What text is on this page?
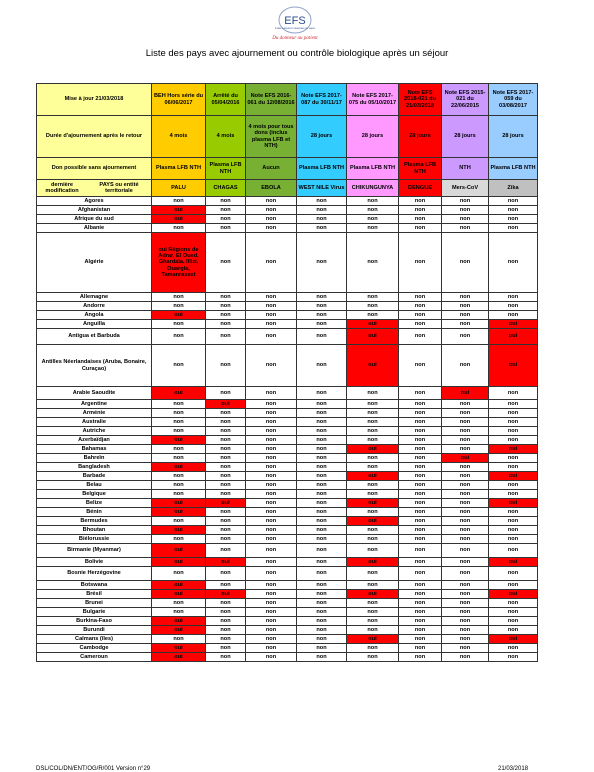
EFS
ÉTABLISSEMENT FRANÇAIS DU SANG
Du donneur au patient
Liste des pays avec ajournement ou contrôle biologique après un séjour
Mise à jour 21/03/2018	BEH Hors série du 06/06/2017	Arrêté du 05/04/2016	Note EFS 2016-061 du 12/08/2016	Note EFS 2017-087 du 30/11/17	Note EFS 2017-075 du 05/10/2017	Note EFS 2018-021 du 21/03/2018	Note EFS 2015-021 du 22/06/2015	Note EFS 2017-059 du 03/08/2017
Durée d'ajournement après le retour	4 mois	4 mois	4 mois pour tous dons (inclus plasma LFB et NTH)	28 jours	28 jours	28 jours	28 jours	28 jours
Don possible sans ajournement	Plasma LFB NTH	Plasma LFB NTH	Aucun	Plasma LFB NTH	Plasma LFB NTH	Plasma LFB NTH	NTH	Plasma LFB NTH

dernière modification
PAYS ou entité territoriale	PALU	CHAGAS	EBOLA	WEST NILE Virus	CHIKUNGUNYA	DENGUE	Mers-CoV	Zika
Agores	non	non	non	non	non	non	non	non
Afghanistan	oui	non	non	non	non	non	non	non
Afrique du sud	oui	non	non	non	non	non	non	non
Albanie	non	non	non	non	non	non	non	non
Algérie	oui Régions de Adrar, El Oued, Ghardaïa, Illizi, Ouargla, Tamanrasset	non	non	non	non	non	non	non
Allemagne	non	non	non	non	non	non	non	non
Andorre	non	non	non	non	non	non	non	non
Angola	oui	non	non	non	non	non	non	non
Anguilla	non	non	non	non	oui	non	non	oui
Antigua et Barbuda	non	non	non	non	oui	non	non	oui
Antilles Néerlandaises (Aruba, Bonaire, Curaçao)	non	non	non	non	oui	non	non	oui
Arabie Saoudite	oui	non	non	non	non	non	oui	non
Argentine	non	oui	non	non	non	non	non	non
Arménie	non	non	non	non	non	non	non	non
Australie	non	non	non	non	non	non	non	non
Autriche	non	non	non	non	non	non	non	non
Azerbaïdjan	oui	non	non	non	non	non	non	non
Bahamas	non	non	non	non	oui	non	non	oui
Bahreïn	non	non	non	non	non	non	oui	non
Bangladesh	oui	non	non	non	non	non	non	non
Barbade	non	non	non	non	oui	non	non	oui
Belau	non	non	non	non	non	non	non	non
Belgique	non	non	non	non	non	non	non	non
Belize	oui	oui	non	non	oui	non	non	oui
Bénin	oui	non	non	non	non	non	non	non
Bermudes	non	non	non	non	oui	non	non	non
Bhoutan	oui	non	non	non	non	non	non	non
Biélorussie	non	non	non	non	non	non	non	non
Birmanie (Myanmar)	oui	non	non	non	non	non	non	non
Bolivie	oui	oui	non	non	oui	non	non	oui
Bosnie Herzégovine	non	non	non	non	non	non	non	non
Botswana	oui	non	non	non	non	non	non	non
Brésil	oui	oui	non	non	oui	non	non	oui
Brunei	non	non	non	non	non	non	non	non
Bulgarie	non	non	non	non	non	non	non	non
Burkina-Faso	oui	non	non	non	non	non	non	non
Burundi	oui	non	non	non	non	non	non	non
Caïmans (îles)	non	non	non	non	oui	non	non	oui
Cambodge	oui	non	non	non	non	non	non	non
Cameroun	oui	non	non	non	non	non	non	non
DSL/COL/DN/ENT/OG/R/001 Version n°29	21/03/2018
